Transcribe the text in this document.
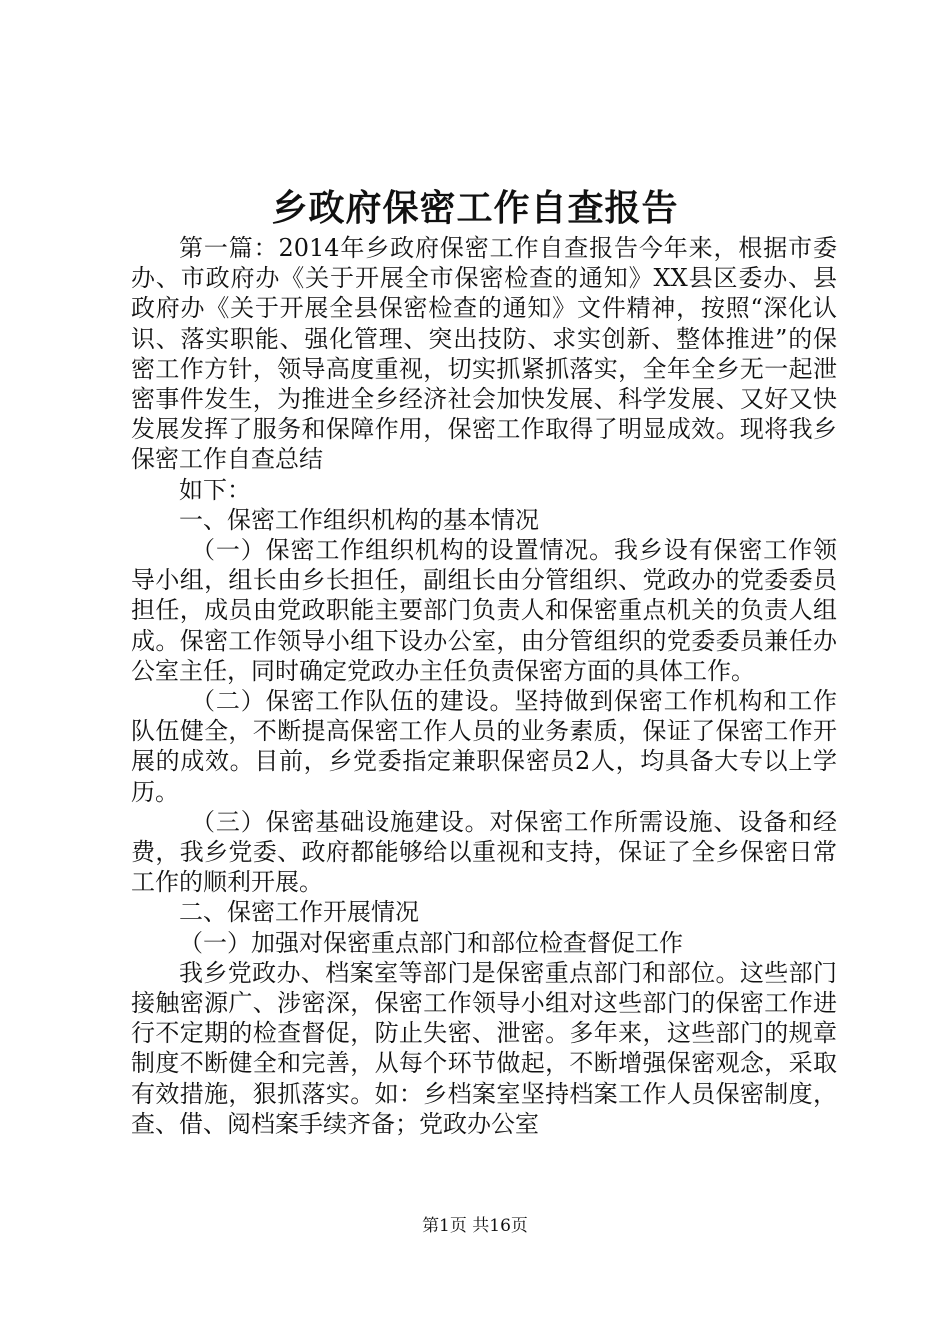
乡政府保密工作自查报告

第一篇：2014年乡政府保密工作自查报告今年来，根据市委办、市政府办《关于开展全市保密检查的通知》XX县区委办、县政府办《关于开展全县保密检查的通知》文件精神，按照“深化认识、落实职能、强化管理、突出技防、求实创新、整体推进”的保密工作方针，领导高度重视，切实抓紧抓落实，全年全乡无一起泄密事件发生，为推进全乡经济社会加快发展、科学发展、又好又快发展发挥了服务和保障作用，保密工作取得了明显成效。现将我乡保密工作自查总结

如下：

一、保密工作组织机构的基本情况

（一）保密工作组织机构的设置情况。我乡设有保密工作领导小组，组长由乡长担任，副组长由分管组织、党政办的党委委员担任，成员由党政职能主要部门负责人和保密重点机关的负责人组成。保密工作领导小组下设办公室，由分管组织的党委委员兼任办公室主任，同时确定党政办主任负责保密方面的具体工作。

（二）保密工作队伍的建设。坚持做到保密工作机构和工作队伍健全，不断提高保密工作人员的业务素质，保证了保密工作开展的成效。目前，乡党委指定兼职保密员2人，均具备大专以上学历。

（三）保密基础设施建设。对保密工作所需设施、设备和经费，我乡党委、政府都能够给以重视和支持，保证了全乡保密日常工作的顺利开展。

二、保密工作开展情况

（一）加强对保密重点部门和部位检查督促工作

我乡党政办、档案室等部门是保密重点部门和部位。这些部门接触密源广、涉密深，保密工作领导小组对这些部门的保密工作进行不定期的检查督促，防止失密、泄密。多年来，这些部门的规章制度不断健全和完善，从每个环节做起，不断增强保密观念，采取有效措施，狠抓落实。如：乡档案室坚持档案工作人员保密制度，查、借、阅档案手续齐备；党政办公室

第1页 共16页
